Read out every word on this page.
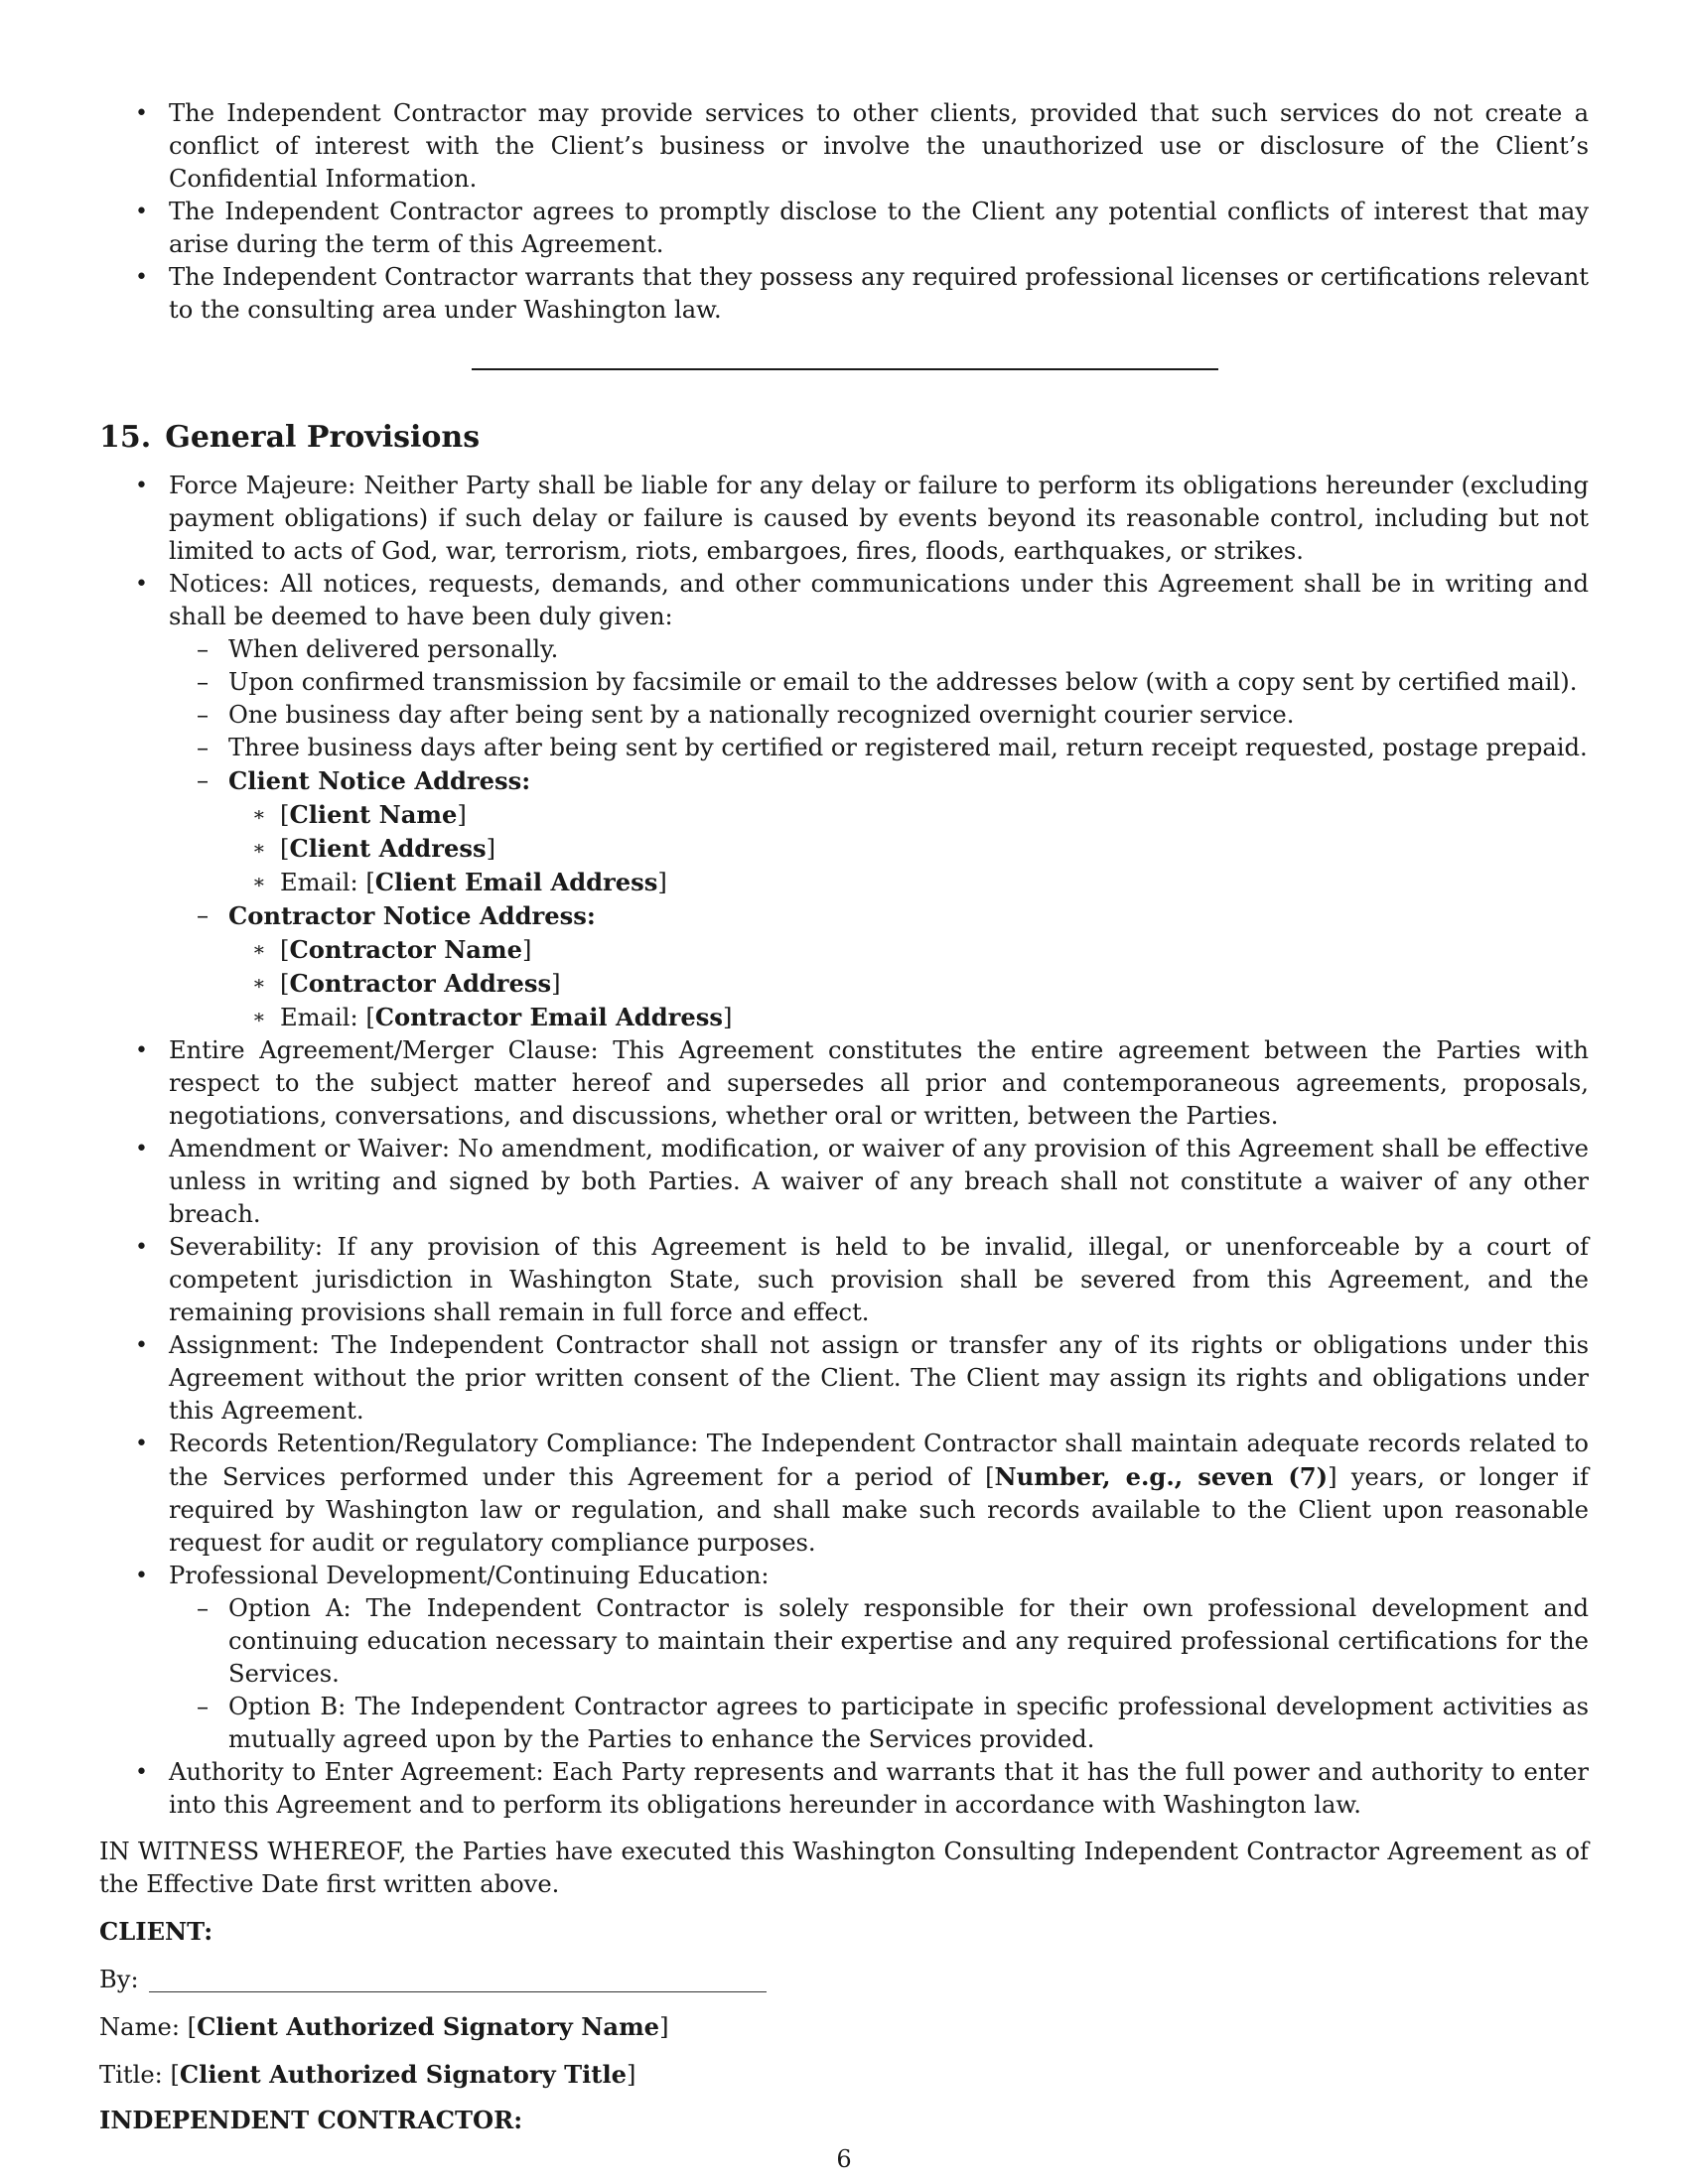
• The Independent Contractor may provide services to other clients, provided that such services do not create a conflict of interest with the Client’s business or involve the unauthorized use or disclosure of the Client’s Confidential Information.
• The Independent Contractor agrees to promptly disclose to the Client any potential conflicts of interest that may arise during the term of this Agreement.
• The Independent Contractor warrants that they possess any required professional licenses or certifications relevant to the consulting area under Washington law.
15. General Provisions
• Force Majeure: Neither Party shall be liable for any delay or failure to perform its obligations hereunder (excluding payment obligations) if such delay or failure is caused by events beyond its reasonable control, including but not limited to acts of God, war, terrorism, riots, embargoes, fires, floods, earthquakes, or strikes.
• Notices: All notices, requests, demands, and other communications under this Agreement shall be in writing and shall be deemed to have been duly given:
– When delivered personally.
– Upon confirmed transmission by facsimile or email to the addresses below (with a copy sent by certified mail).
– One business day after being sent by a nationally recognized overnight courier service.
– Three business days after being sent by certified or registered mail, return receipt requested, postage prepaid.
– Client Notice Address:
∗ [Client Name]
∗ [Client Address]
∗ Email: [Client Email Address]
– Contractor Notice Address:
∗ [Contractor Name]
∗ [Contractor Address]
∗ Email: [Contractor Email Address]
• Entire Agreement/Merger Clause: This Agreement constitutes the entire agreement between the Parties with respect to the subject matter hereof and supersedes all prior and contemporaneous agreements, proposals, negotiations, conversations, and discussions, whether oral or written, between the Parties.
• Amendment or Waiver: No amendment, modification, or waiver of any provision of this Agreement shall be effective unless in writing and signed by both Parties. A waiver of any breach shall not constitute a waiver of any other breach.
• Severability: If any provision of this Agreement is held to be invalid, illegal, or unenforceable by a court of competent jurisdiction in Washington State, such provision shall be severed from this Agreement, and the remaining provisions shall remain in full force and effect.
• Assignment: The Independent Contractor shall not assign or transfer any of its rights or obligations under this Agreement without the prior written consent of the Client. The Client may assign its rights and obligations under this Agreement.
• Records Retention/Regulatory Compliance: The Independent Contractor shall maintain adequate records related to the Services performed under this Agreement for a period of [Number, e.g., seven (7)] years, or longer if required by Washington law or regulation, and shall make such records available to the Client upon reasonable request for audit or regulatory compliance purposes.
• Professional Development/Continuing Education:
– Option A: The Independent Contractor is solely responsible for their own professional development and continuing education necessary to maintain their expertise and any required professional certifications for the Services.
– Option B: The Independent Contractor agrees to participate in specific professional development activities as mutually agreed upon by the Parties to enhance the Services provided.
• Authority to Enter Agreement: Each Party represents and warrants that it has the full power and authority to enter into this Agreement and to perform its obligations hereunder in accordance with Washington law.

IN WITNESS WHEREOF, the Parties have executed this Washington Consulting Independent Contractor Agreement as of the Effective Date first written above.

CLIENT:
By:
Name: [Client Authorized Signatory Name]
Title: [Client Authorized Signatory Title]
INDEPENDENT CONTRACTOR:
6
